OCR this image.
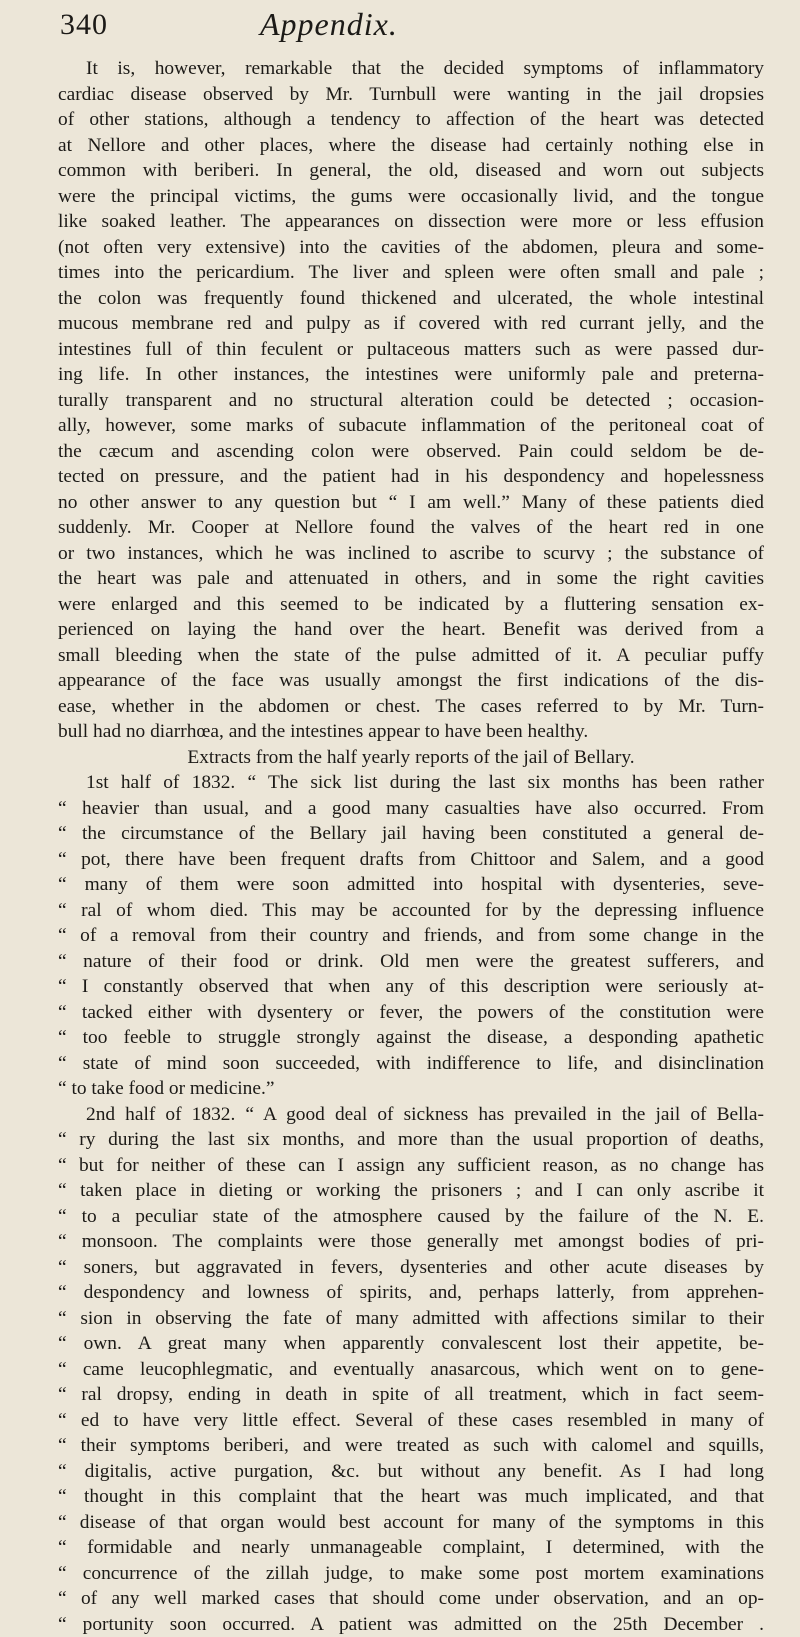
340	Appendix.
It is, however, remarkable that the decided symptoms of inflammatory
cardiac disease observed by Mr. Turnbull were wanting in the jail dropsies
of other stations, although a tendency to affection of the heart was detected
at Nellore and other places, where the disease had certainly nothing else in
common with beriberi. In general, the old, diseased and worn out subjects
were the principal victims, the gums were occasionally livid, and the tongue
like soaked leather. The appearances on dissection were more or less effusion
(not often very extensive) into the cavities of the abdomen, pleura and some-
times into the pericardium. The liver and spleen were often small and pale ;
the colon was frequently found thickened and ulcerated, the whole intestinal
mucous membrane red and pulpy as if covered with red currant jelly, and the
intestines full of thin feculent or pultaceous matters such as were passed dur-
ing life. In other instances, the intestines were uniformly pale and preterna-
turally transparent and no structural alteration could be detected ; occasion-
ally, however, some marks of subacute inflammation of the peritoneal coat of
the cæcum and ascending colon were observed. Pain could seldom be de-
tected on pressure, and the patient had in his despondency and hopelessness
no other answer to any question but “ I am well.” Many of these patients died
suddenly. Mr. Cooper at Nellore found the valves of the heart red in one
or two instances, which he was inclined to ascribe to scurvy ; the substance of
the heart was pale and attenuated in others, and in some the right cavities
were enlarged and this seemed to be indicated by a fluttering sensation ex-
perienced on laying the hand over the heart. Benefit was derived from a
small bleeding when the state of the pulse admitted of it. A peculiar puffy
appearance of the face was usually amongst the first indications of the dis-
ease, whether in the abdomen or chest. The cases referred to by Mr. Turn-
bull had no diarrhœa, and the intestines appear to have been healthy.
Extracts from the half yearly reports of the jail of Bellary.
1st half of 1832. “ The sick list during the last six months has been rather
“ heavier than usual, and a good many casualties have also occurred. From
“ the circumstance of the Bellary jail having been constituted a general de-
“ pot, there have been frequent drafts from Chittoor and Salem, and a good
“ many of them were soon admitted into hospital with dysenteries, seve-
“ ral of whom died. This may be accounted for by the depressing influence
“ of a removal from their country and friends, and from some change in the
“ nature of their food or drink. Old men were the greatest sufferers, and
“ I constantly observed that when any of this description were seriously at-
“ tacked either with dysentery or fever, the powers of the constitution were
“ too feeble to struggle strongly against the disease, a desponding apathetic
“ state of mind soon succeeded, with indifference to life, and disinclination
“ to take food or medicine.”
2nd half of 1832. “ A good deal of sickness has prevailed in the jail of Bella-
“ ry during the last six months, and more than the usual proportion of deaths,
“ but for neither of these can I assign any sufficient reason, as no change has
“ taken place in dieting or working the prisoners ; and I can only ascribe it
“ to a peculiar state of the atmosphere caused by the failure of the N. E.
“ monsoon. The complaints were those generally met amongst bodies of pri-
“ soners, but aggravated in fevers, dysenteries and other acute diseases by
“ despondency and lowness of spirits, and, perhaps latterly, from apprehen-
“ sion in observing the fate of many admitted with affections similar to their
“ own. A great many when apparently convalescent lost their appetite, be-
“ came leucophlegmatic, and eventually anasarcous, which went on to gene-
“ ral dropsy, ending in death in spite of all treatment, which in fact seem-
“ ed to have very little effect. Several of these cases resembled in many of
“ their symptoms beriberi, and were treated as such with calomel and squills,
“ digitalis, active purgation, &c. but without any benefit. As I had long
“ thought in this complaint that the heart was much implicated, and that
“ disease of that organ would best account for many of the symptoms in this
“ formidable and nearly unmanageable complaint, I determined, with the
“ concurrence of the zillah judge, to make some post mortem examinations
“ of any well marked cases that should come under observation, and an op-
“ portunity soon occurred. A patient was admitted on the 25th December .
